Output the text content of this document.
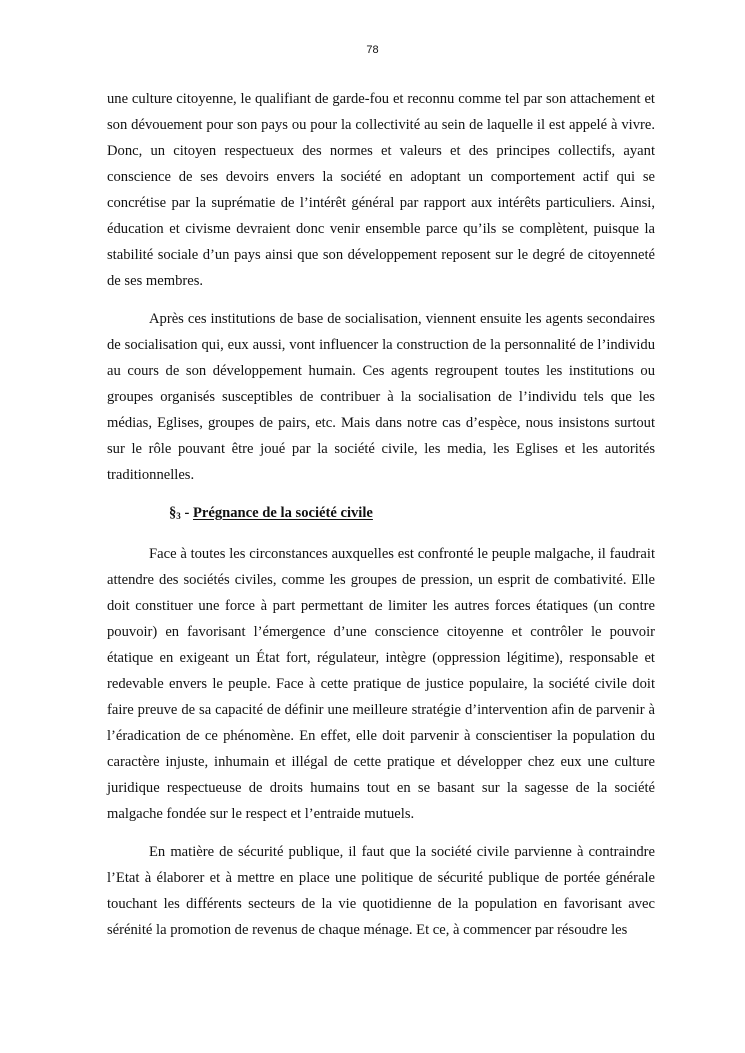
78

une culture citoyenne, le qualifiant de garde-fou et reconnu comme tel par son attachement et son dévouement pour son pays ou pour la collectivité au sein de laquelle il est appelé à vivre. Donc, un citoyen respectueux des normes et valeurs et des principes collectifs, ayant conscience de ses devoirs envers la société en adoptant un comportement actif qui se concrétise par la suprématie de l’intérêt général par rapport aux intérêts particuliers. Ainsi, éducation et civisme devraient donc venir ensemble parce qu’ils se complètent, puisque la stabilité sociale d’un pays ainsi que son développement reposent sur le degré de citoyenneté de ses membres.

Après ces institutions de base de socialisation, viennent ensuite les agents secondaires de socialisation qui, eux aussi, vont influencer la construction de la personnalité de l’individu au cours de son développement humain. Ces agents regroupent toutes les institutions ou groupes organisés susceptibles de contribuer à la socialisation de l’individu tels que les médias, Eglises, groupes de pairs, etc. Mais dans notre cas d’espèce, nous insistons surtout sur le rôle pouvant être joué par la société civile, les media, les Eglises et les autorités traditionnelles.

$\S_3$ - Prégnance de la société civile

Face à toutes les circonstances auxquelles est confronté le peuple malgache, il faudrait attendre des sociétés civiles, comme les groupes de pression, un esprit de combativité. Elle doit constituer une force à part permettant de limiter les autres forces étatiques (un contre pouvoir) en favorisant l’émergence d’une conscience citoyenne et contrôler le pouvoir étatique en exigeant un État fort, régulateur, intègre (oppression légitime), responsable et redevable envers le peuple. Face à cette pratique de justice populaire, la société civile doit faire preuve de sa capacité de définir une meilleure stratégie d’intervention afin de parvenir à l’éradication de ce phénomène. En effet, elle doit parvenir à conscientiser la population du caractère injuste, inhumain et illégal de cette pratique et développer chez eux une culture juridique respectueuse de droits humains tout en se basant sur la sagesse de la société malgache fondée sur le respect et l’entraide mutuels.

En matière de sécurité publique, il faut que la société civile parvienne à contraindre l’Etat à élaborer et à mettre en place une politique de sécurité publique de portée générale touchant les différents secteurs de la vie quotidienne de la population en favorisant avec sérénité la promotion de revenus de chaque ménage. Et ce, à commencer par résoudre les
